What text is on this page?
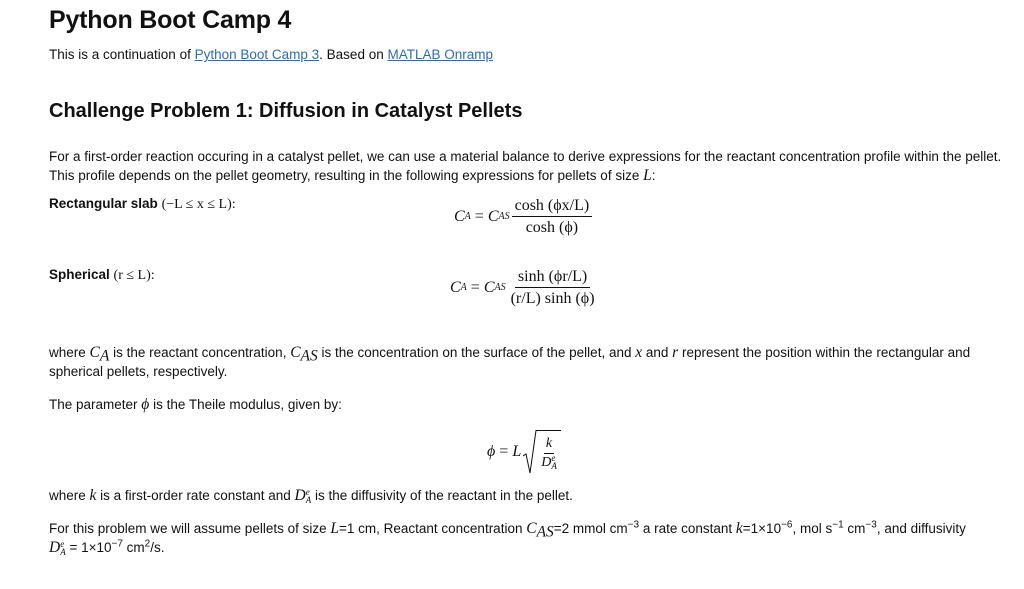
Python Boot Camp 4
This is a continuation of Python Boot Camp 3. Based on MATLAB Onramp
Challenge Problem 1: Diffusion in Catalyst Pellets

For a first-order reaction occuring in a catalyst pellet, we can use a material balance to derive expressions for the reactant concentration profile within the pellet. This profile depends on the pellet geometry, resulting in the following expressions for pellets of size L:

Rectangular slab (−L ≤ x ≤ L):
C A = C AS $\frac{\cosh (\phi x/L)}{\cosh (\phi)}$
Spherical (r ≤ L):
C A = C AS $\frac{\sinh (\phi r/L)}{(r/L) \sinh (\phi)}$

where $C_A$ is the reactant concentration, $C_{AS}$ is the concentration on the surface of the pellet, and x and r represent the position within the rectangular and spherical pellets, respectively.

The parameter ϕ is the Theile modulus, given by:

ϕ = L k
D e
A

where k is a first-order rate constant and D e
A is the diffusivity of the reactant in the pellet.

For this problem we will assume pellets of size L=1 cm, Reactant concentration $C_{AS}=2$ mmol $cm^{-3}$ a rate constant $k=1\times 10^{-6}$, mol $s^{-1}$ $cm^{-3}$, and diffusivity
D e
$A = 1\times 10^{-7}$ $cm^2/s$.
